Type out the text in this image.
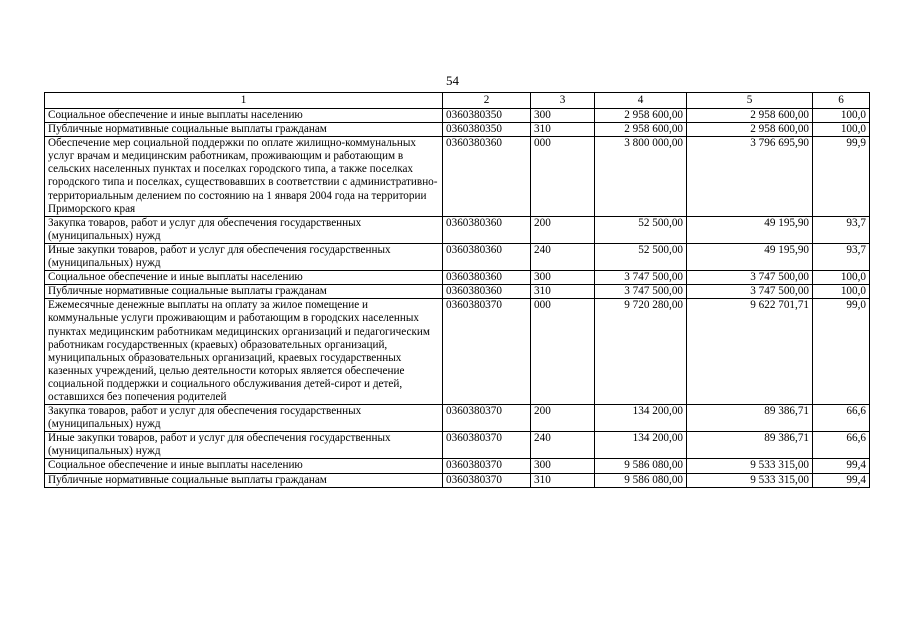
54
1	2	3	4	5	6
Социальное обеспечение и иные выплаты населению	0360380350	300	2 958 600,00	2 958 600,00	100,0

Публичные нормативные социальные выплаты гражданам	0360380350	310	2 958 600,00	2 958 600,00	100,0

Обеспечение мер социальной поддержки по оплате жилищно-коммунальных услуг врачам и медицинским работникам, проживающим и работающим в сельских населенных пунктах и поселках городского типа, а также поселках городского типа и поселках, существовавших в соответствии с административно-территориальным делением по состоянию на 1 января 2004 года на территории Приморского края	0360380360	000	3 800 000,00	3 796 695,90	99,9

Закупка товаров, работ и услуг для обеспечения государственных (муниципальных) нужд	0360380360	200	52 500,00	49 195,90	93,7

Иные закупки товаров, работ и услуг для обеспечения государственных (муниципальных) нужд	0360380360	240	52 500,00	49 195,90	93,7

Социальное обеспечение и иные выплаты населению	0360380360	300	3 747 500,00	3 747 500,00	100,0

Публичные нормативные социальные выплаты гражданам	0360380360	310	3 747 500,00	3 747 500,00	100,0

Ежемесячные денежные выплаты на оплату за жилое помещение и коммунальные услуги проживающим и работающим в городских населенных пунктах медицинским работникам медицинских организаций и педагогическим работникам государственных (краевых) образовательных организаций, муниципальных образовательных организаций, краевых государственных казенных учреждений, целью деятельности которых является обеспечение социальной поддержки и социального обслуживания детей-сирот и детей, оставшихся без попечения родителей	0360380370	000	9 720 280,00	9 622 701,71	99,0

Закупка товаров, работ и услуг для обеспечения государственных (муниципальных) нужд	0360380370	200	134 200,00	89 386,71	66,6

Иные закупки товаров, работ и услуг для обеспечения государственных (муниципальных) нужд	0360380370	240	134 200,00	89 386,71	66,6

Социальное обеспечение и иные выплаты населению	0360380370	300	9 586 080,00	9 533 315,00	99,4

Публичные нормативные социальные выплаты гражданам	0360380370	310	9 586 080,00	9 533 315,00	99,4
